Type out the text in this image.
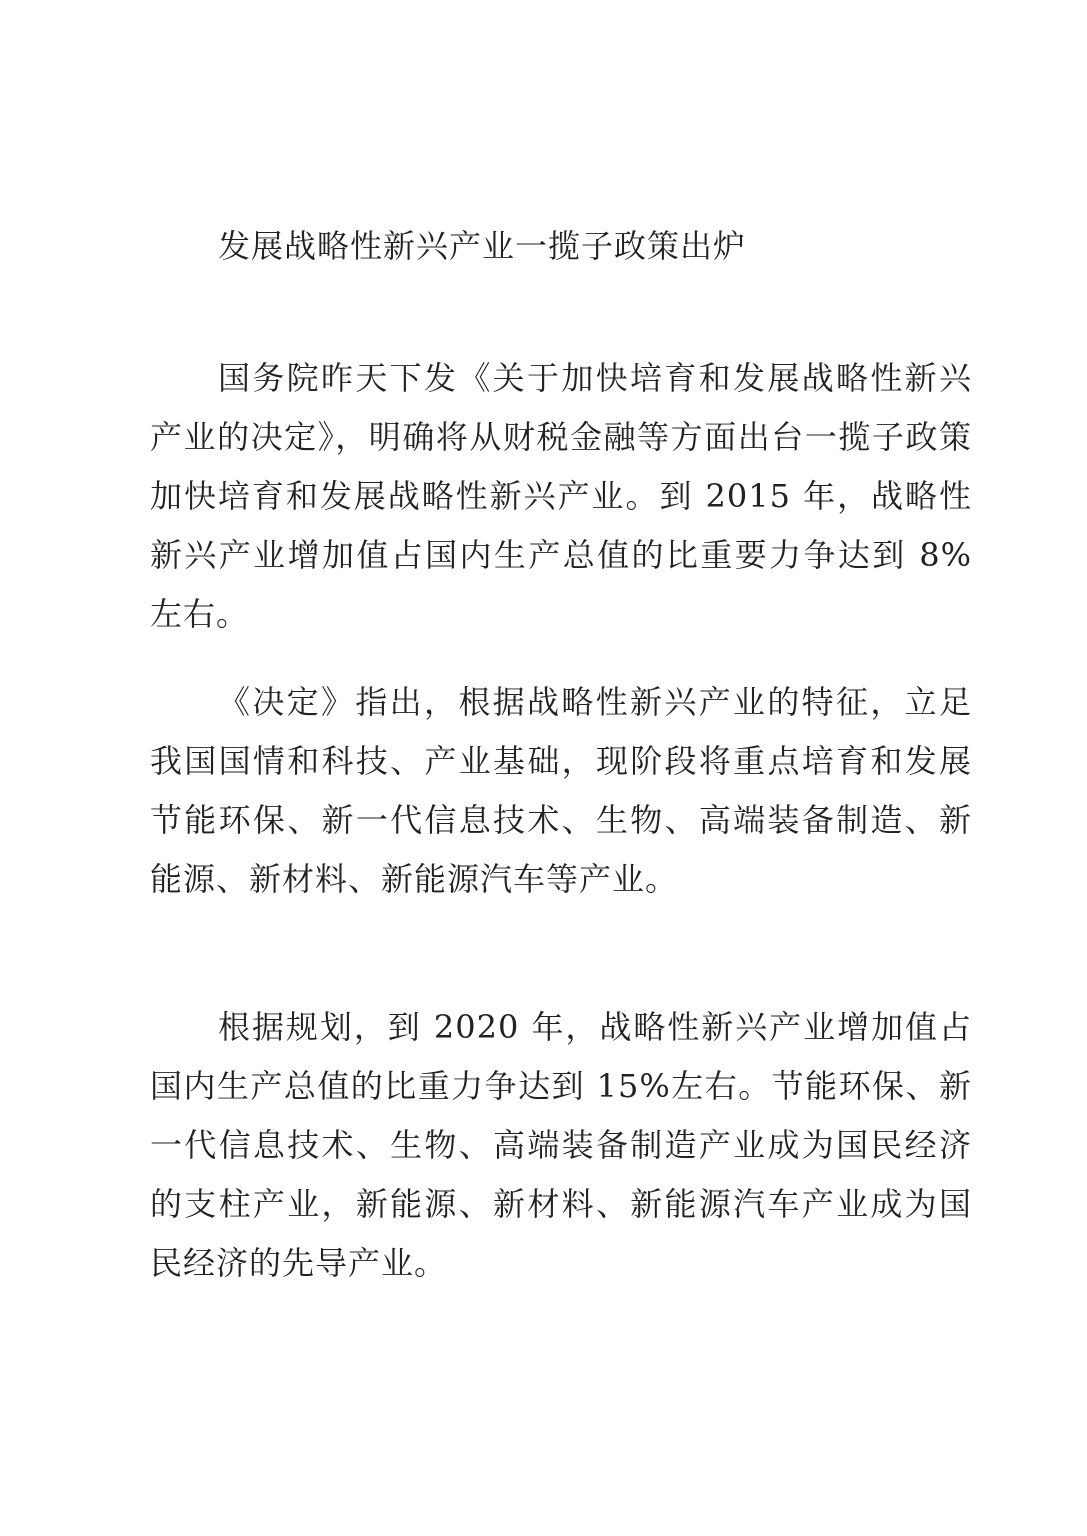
发展战略性新兴产业一揽子政策出炉

国务院昨天下发《关于加快培育和发展战略性新兴产业的决定》，明确将从财税金融等方面出台一揽子政策加快培育和发展战略性新兴产业。到 2015 年，战略性新兴产业增加值占国内生产总值的比重要力争达到 8%左右。

《决定》指出，根据战略性新兴产业的特征，立足我国国情和科技、产业基础，现阶段将重点培育和发展节能环保、新一代信息技术、生物、高端装备制造、新能源、新材料、新能源汽车等产业。

根据规划，到 2020 年，战略性新兴产业增加值占国内生产总值的比重力争达到 15%左右。节能环保、新一代信息技术、生物、高端装备制造产业成为国民经济的支柱产业，新能源、新材料、新能源汽车产业成为国民经济的先导产业。
